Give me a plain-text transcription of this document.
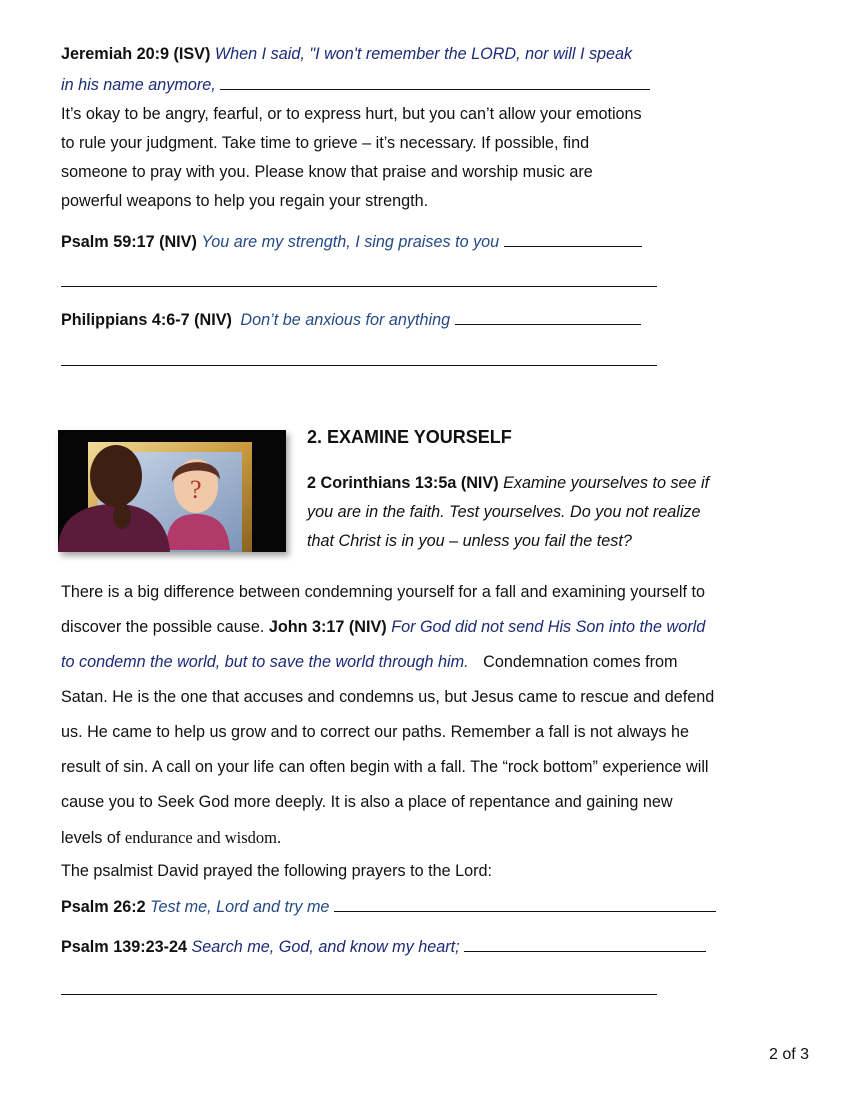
Jeremiah 20:9 (ISV) When I said, "I won't remember the LORD, nor will I speak
in his name anymore,
It’s okay to be angry, fearful, or to express hurt, but you can’t allow your emotions
to rule your judgment. Take time to grieve – it’s necessary. If possible, find
someone to pray with you. Please know that praise and worship music are
powerful weapons to help you regain your strength.
Psalm 59:17 (NIV) You are my strength, I sing praises to you
Philippians 4:6-7 (NIV) Don’t be anxious for anything
?
2. EXAMINE YOURSELF
2 Corinthians 13:5a (NIV) Examine yourselves to see if
you are in the faith. Test yourselves. Do you not realize
that Christ is in you – unless you fail the test?
There is a big difference between condemning yourself for a fall and examining yourself to
discover the possible cause. John 3:17 (NIV) For God did not send His Son into the world
to condemn the world, but to save the world through him. Condemnation comes from
Satan. He is the one that accuses and condemns us, but Jesus came to rescue and defend
us. He came to help us grow and to correct our paths. Remember a fall is not always he
result of sin. A call on your life can often begin with a fall. The “rock bottom” experience will
cause you to Seek God more deeply. It is also a place of repentance and gaining new
levels of endurance and wisdom.
The psalmist David prayed the following prayers to the Lord:
Psalm 26:2 Test me, Lord and try me
Psalm 139:23-24 Search me, God, and know my heart;
2 of 3
